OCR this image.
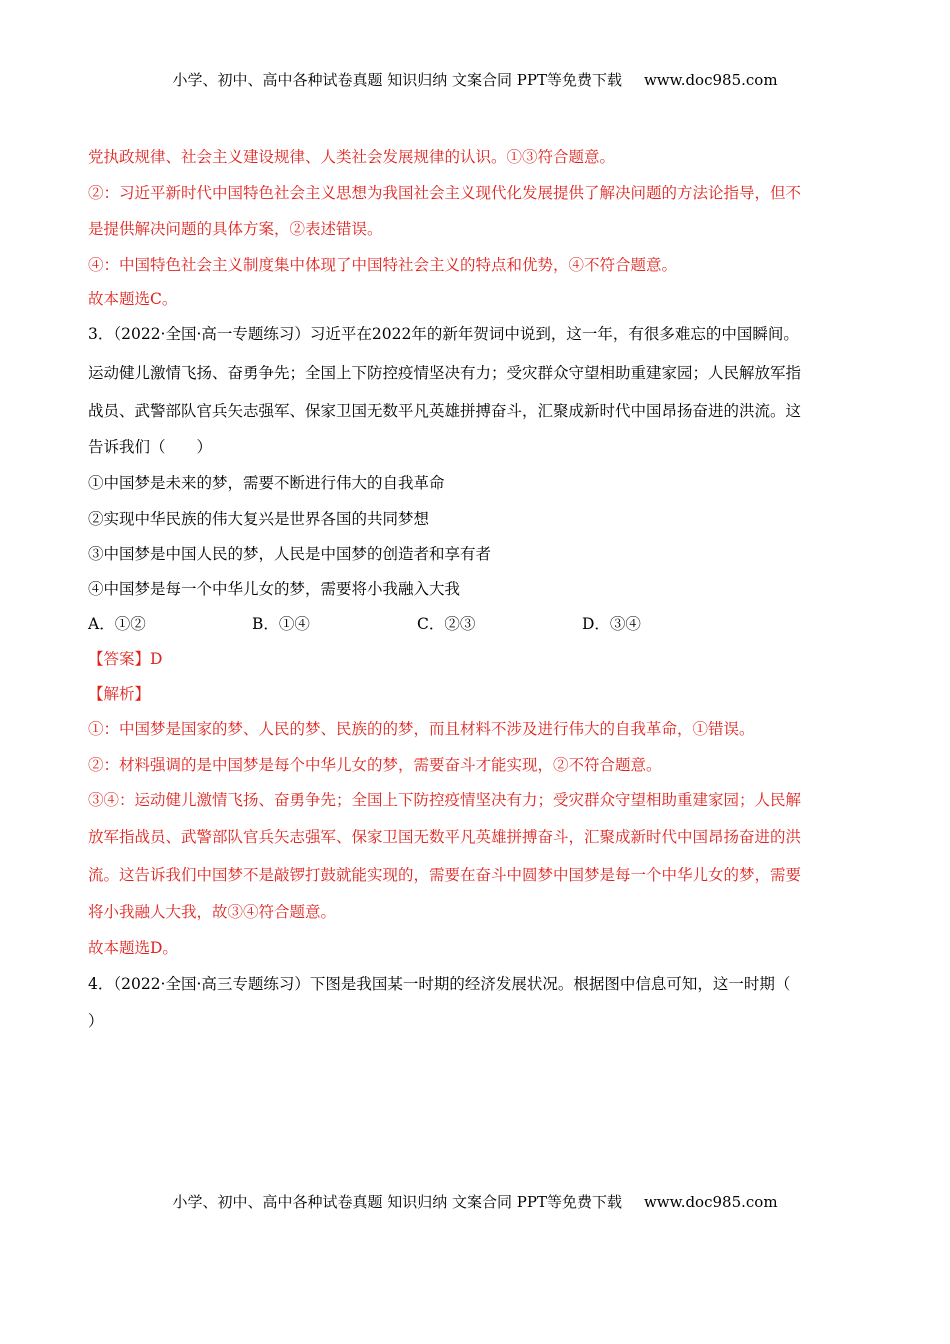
小学、初中、高中各种试卷真题 知识归纳 文案合同 PPT等免费下载 www.doc985.com
党执政规律、社会主义建设规律、人类社会发展规律的认识。①③符合题意。
②：习近平新时代中国特色社会主义思想为我国社会主义现代化发展提供了解决问题的方法论指导，但不
是提供解决问题的具体方案，②表述错误。
④：中国特色社会主义制度集中体现了中国特社会主义的特点和优势，④不符合题意。
故本题选C。
3．（2022·全国·高一专题练习）习近平在2022年的新年贺词中说到，这一年，有很多难忘的中国瞬间。
运动健儿激情飞扬、奋勇争先；全国上下防控疫情坚决有力；受灾群众守望相助重建家园；人民解放军指
战员、武警部队官兵矢志强军、保家卫国无数平凡英雄拼搏奋斗，汇聚成新时代中国昂扬奋进的洪流。这
告诉我们（　　）
①中国梦是未来的梦，需要不断进行伟大的自我革命
②实现中华民族的伟大复兴是世界各国的共同梦想
③中国梦是中国人民的梦，人民是中国梦的创造者和享有者
④中国梦是每一个中华儿女的梦，需要将小我融入大我
A．①②	B．①④	C．②③	D．③④
【答案】D
【解析】
①：中国梦是国家的梦、人民的梦、民族的的梦，而且材料不涉及进行伟大的自我革命，①错误。
②：材料强调的是中国梦是每个中华儿女的梦，需要奋斗才能实现，②不符合题意。
③④：运动健儿激情飞扬、奋勇争先；全国上下防控疫情坚决有力；受灾群众守望相助重建家园；人民解
放军指战员、武警部队官兵矢志强军、保家卫国无数平凡英雄拼搏奋斗，汇聚成新时代中国昂扬奋进的洪
流。这告诉我们中国梦不是敲锣打鼓就能实现的，需要在奋斗中圆梦中国梦是每一个中华儿女的梦，需要
将小我融人大我，故③④符合题意。
故本题选D。
4．（2022·全国·高三专题练习）下图是我国某一时期的经济发展状况。根据图中信息可知，这一时期（
）
小学、初中、高中各种试卷真题 知识归纳 文案合同 PPT等免费下载 www.doc985.com
